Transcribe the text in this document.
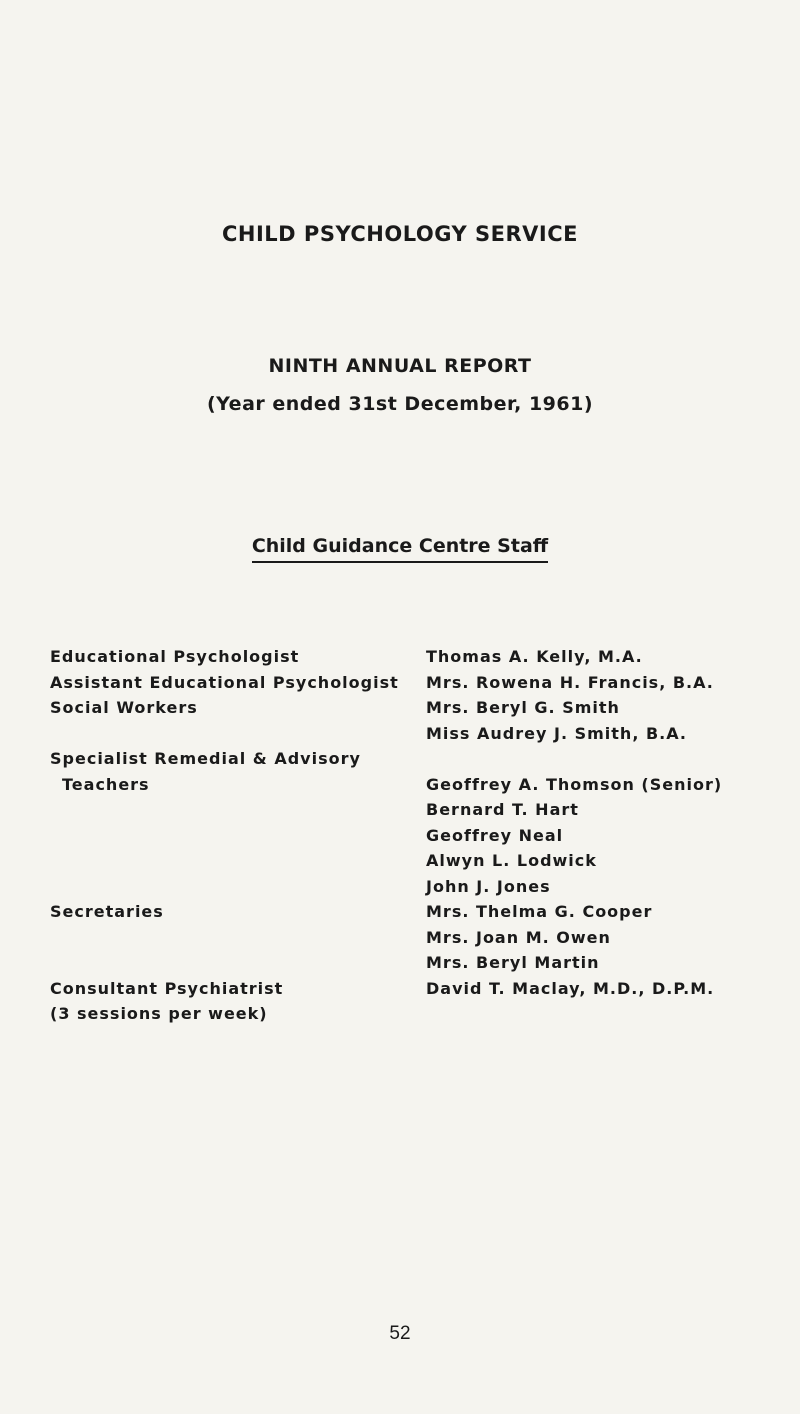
CHILD PSYCHOLOGY SERVICE
NINTH ANNUAL REPORT
(Year ended 31st December, 1961)
Child Guidance Centre Staff
Educational Psychologist
Assistant Educational Psychologist
Social Workers
Specialist Remedial & Advisory
Teachers
Secretaries
Consultant Psychiatrist
(3 sessions per week)
Thomas A. Kelly, M.A.
Mrs. Rowena H. Francis, B.A.
Mrs. Beryl G. Smith
Miss Audrey J. Smith, B.A.
Geoffrey A. Thomson (Senior)
Bernard T. Hart
Geoffrey Neal
Alwyn L. Lodwick
John J. Jones
Mrs. Thelma G. Cooper
Mrs. Joan M. Owen
Mrs. Beryl Martin
David T. Maclay, M.D., D.P.M.
52
